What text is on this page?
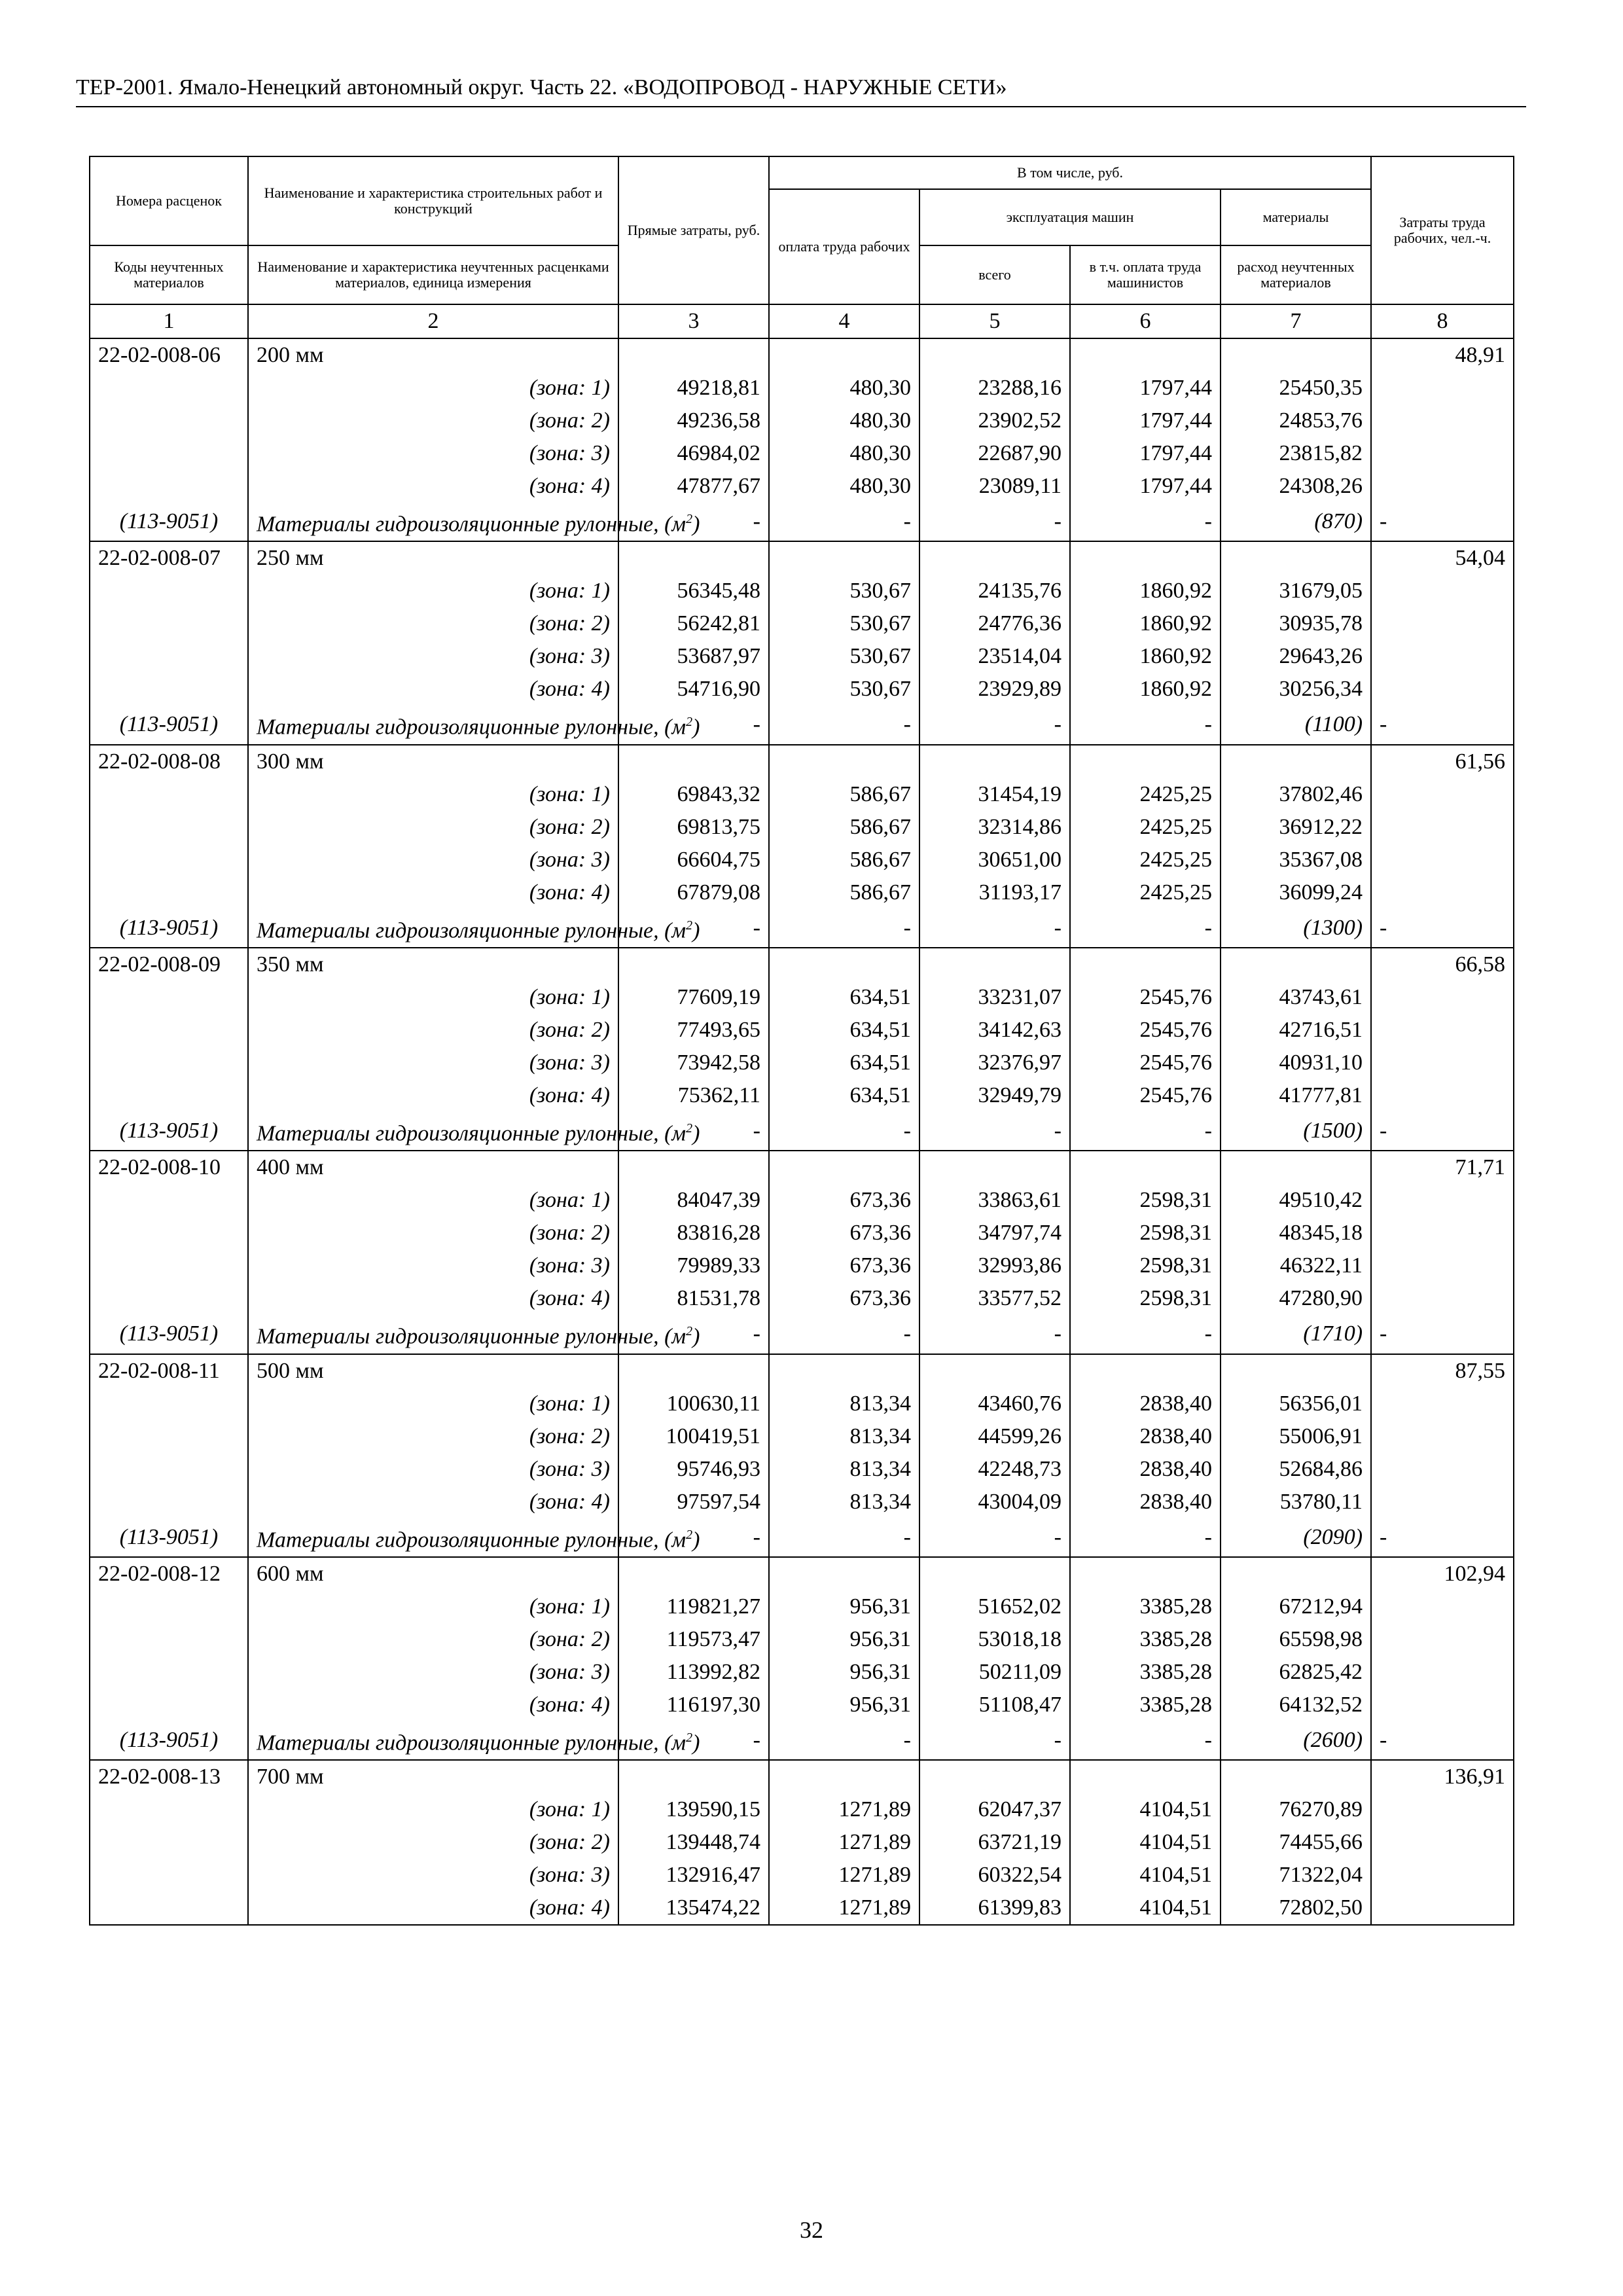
ТЕР-2001. Ямало-Ненецкий автономный округ. Часть 22. «ВОДОПРОВОД - НАРУЖНЫЕ СЕТИ»
Номера расценок	Наименование и характеристика строительных работ и конструкций	Прямые затраты, руб.	В том числе, руб.				Затраты труда рабочих, чел.-ч.
			оплата труда рабочих	эксплуатация машин		материалы	

Коды неучтенных материалов	Наименование и характеристика неучтенных расценками материалов, единица измерения			всего	в т.ч. оплата труда машинистов	расход неучтенных материалов	

1	2	3	4	5	6	7	8
22-02-008-06	200 мм						48,91
	(зона: 1)	49218,81	480,30	23288,16	1797,44	25450,35	
	(зона: 2)	49236,58	480,30	23902,52	1797,44	24853,76	
	(зона: 3)	46984,02	480,30	22687,90	1797,44	23815,82	
	(зона: 4)	47877,67	480,30	23089,11	1797,44	24308,26	
(113-9051)	Материалы гидроизоляционные рулонные, $(м^2)$	-	-	-	-	(870)	-
22-02-008-07	250 мм						54,04
	(зона: 1)	56345,48	530,67	24135,76	1860,92	31679,05	
	(зона: 2)	56242,81	530,67	24776,36	1860,92	30935,78	
	(зона: 3)	53687,97	530,67	23514,04	1860,92	29643,26	
	(зона: 4)	54716,90	530,67	23929,89	1860,92	30256,34	
(113-9051)	Материалы гидроизоляционные рулонные, $(м^2)$	-	-	-	-	(1100)	-
22-02-008-08	300 мм						61,56
	(зона: 1)	69843,32	586,67	31454,19	2425,25	37802,46	
	(зона: 2)	69813,75	586,67	32314,86	2425,25	36912,22	
	(зона: 3)	66604,75	586,67	30651,00	2425,25	35367,08	
	(зона: 4)	67879,08	586,67	31193,17	2425,25	36099,24	
(113-9051)	Материалы гидроизоляционные рулонные, $(м^2)$	-	-	-	-	(1300)	-
22-02-008-09	350 мм						66,58
	(зона: 1)	77609,19	634,51	33231,07	2545,76	43743,61	
	(зона: 2)	77493,65	634,51	34142,63	2545,76	42716,51	
	(зона: 3)	73942,58	634,51	32376,97	2545,76	40931,10	
	(зона: 4)	75362,11	634,51	32949,79	2545,76	41777,81	
(113-9051)	Материалы гидроизоляционные рулонные, $(м^2)$	-	-	-	-	(1500)	-
22-02-008-10	400 мм						71,71
	(зона: 1)	84047,39	673,36	33863,61	2598,31	49510,42	
	(зона: 2)	83816,28	673,36	34797,74	2598,31	48345,18	
	(зона: 3)	79989,33	673,36	32993,86	2598,31	46322,11	
	(зона: 4)	81531,78	673,36	33577,52	2598,31	47280,90	
(113-9051)	Материалы гидроизоляционные рулонные, $(м^2)$	-	-	-	-	(1710)	-
22-02-008-11	500 мм						87,55
	(зона: 1)	100630,11	813,34	43460,76	2838,40	56356,01	
	(зона: 2)	100419,51	813,34	44599,26	2838,40	55006,91	
	(зона: 3)	95746,93	813,34	42248,73	2838,40	52684,86	
	(зона: 4)	97597,54	813,34	43004,09	2838,40	53780,11	
(113-9051)	Материалы гидроизоляционные рулонные, $(м^2)$	-	-	-	-	(2090)	-
22-02-008-12	600 мм						102,94
	(зона: 1)	119821,27	956,31	51652,02	3385,28	67212,94	
	(зона: 2)	119573,47	956,31	53018,18	3385,28	65598,98	
	(зона: 3)	113992,82	956,31	50211,09	3385,28	62825,42	
	(зона: 4)	116197,30	956,31	51108,47	3385,28	64132,52	
(113-9051)	Материалы гидроизоляционные рулонные, $(м^2)$	-	-	-	-	(2600)	-
22-02-008-13	700 мм						136,91
	(зона: 1)	139590,15	1271,89	62047,37	4104,51	76270,89	
	(зона: 2)	139448,74	1271,89	63721,19	4104,51	74455,66	
	(зона: 3)	132916,47	1271,89	60322,54	4104,51	71322,04	
	(зона: 4)	135474,22	1271,89	61399,83	4104,51	72802,50	
32
